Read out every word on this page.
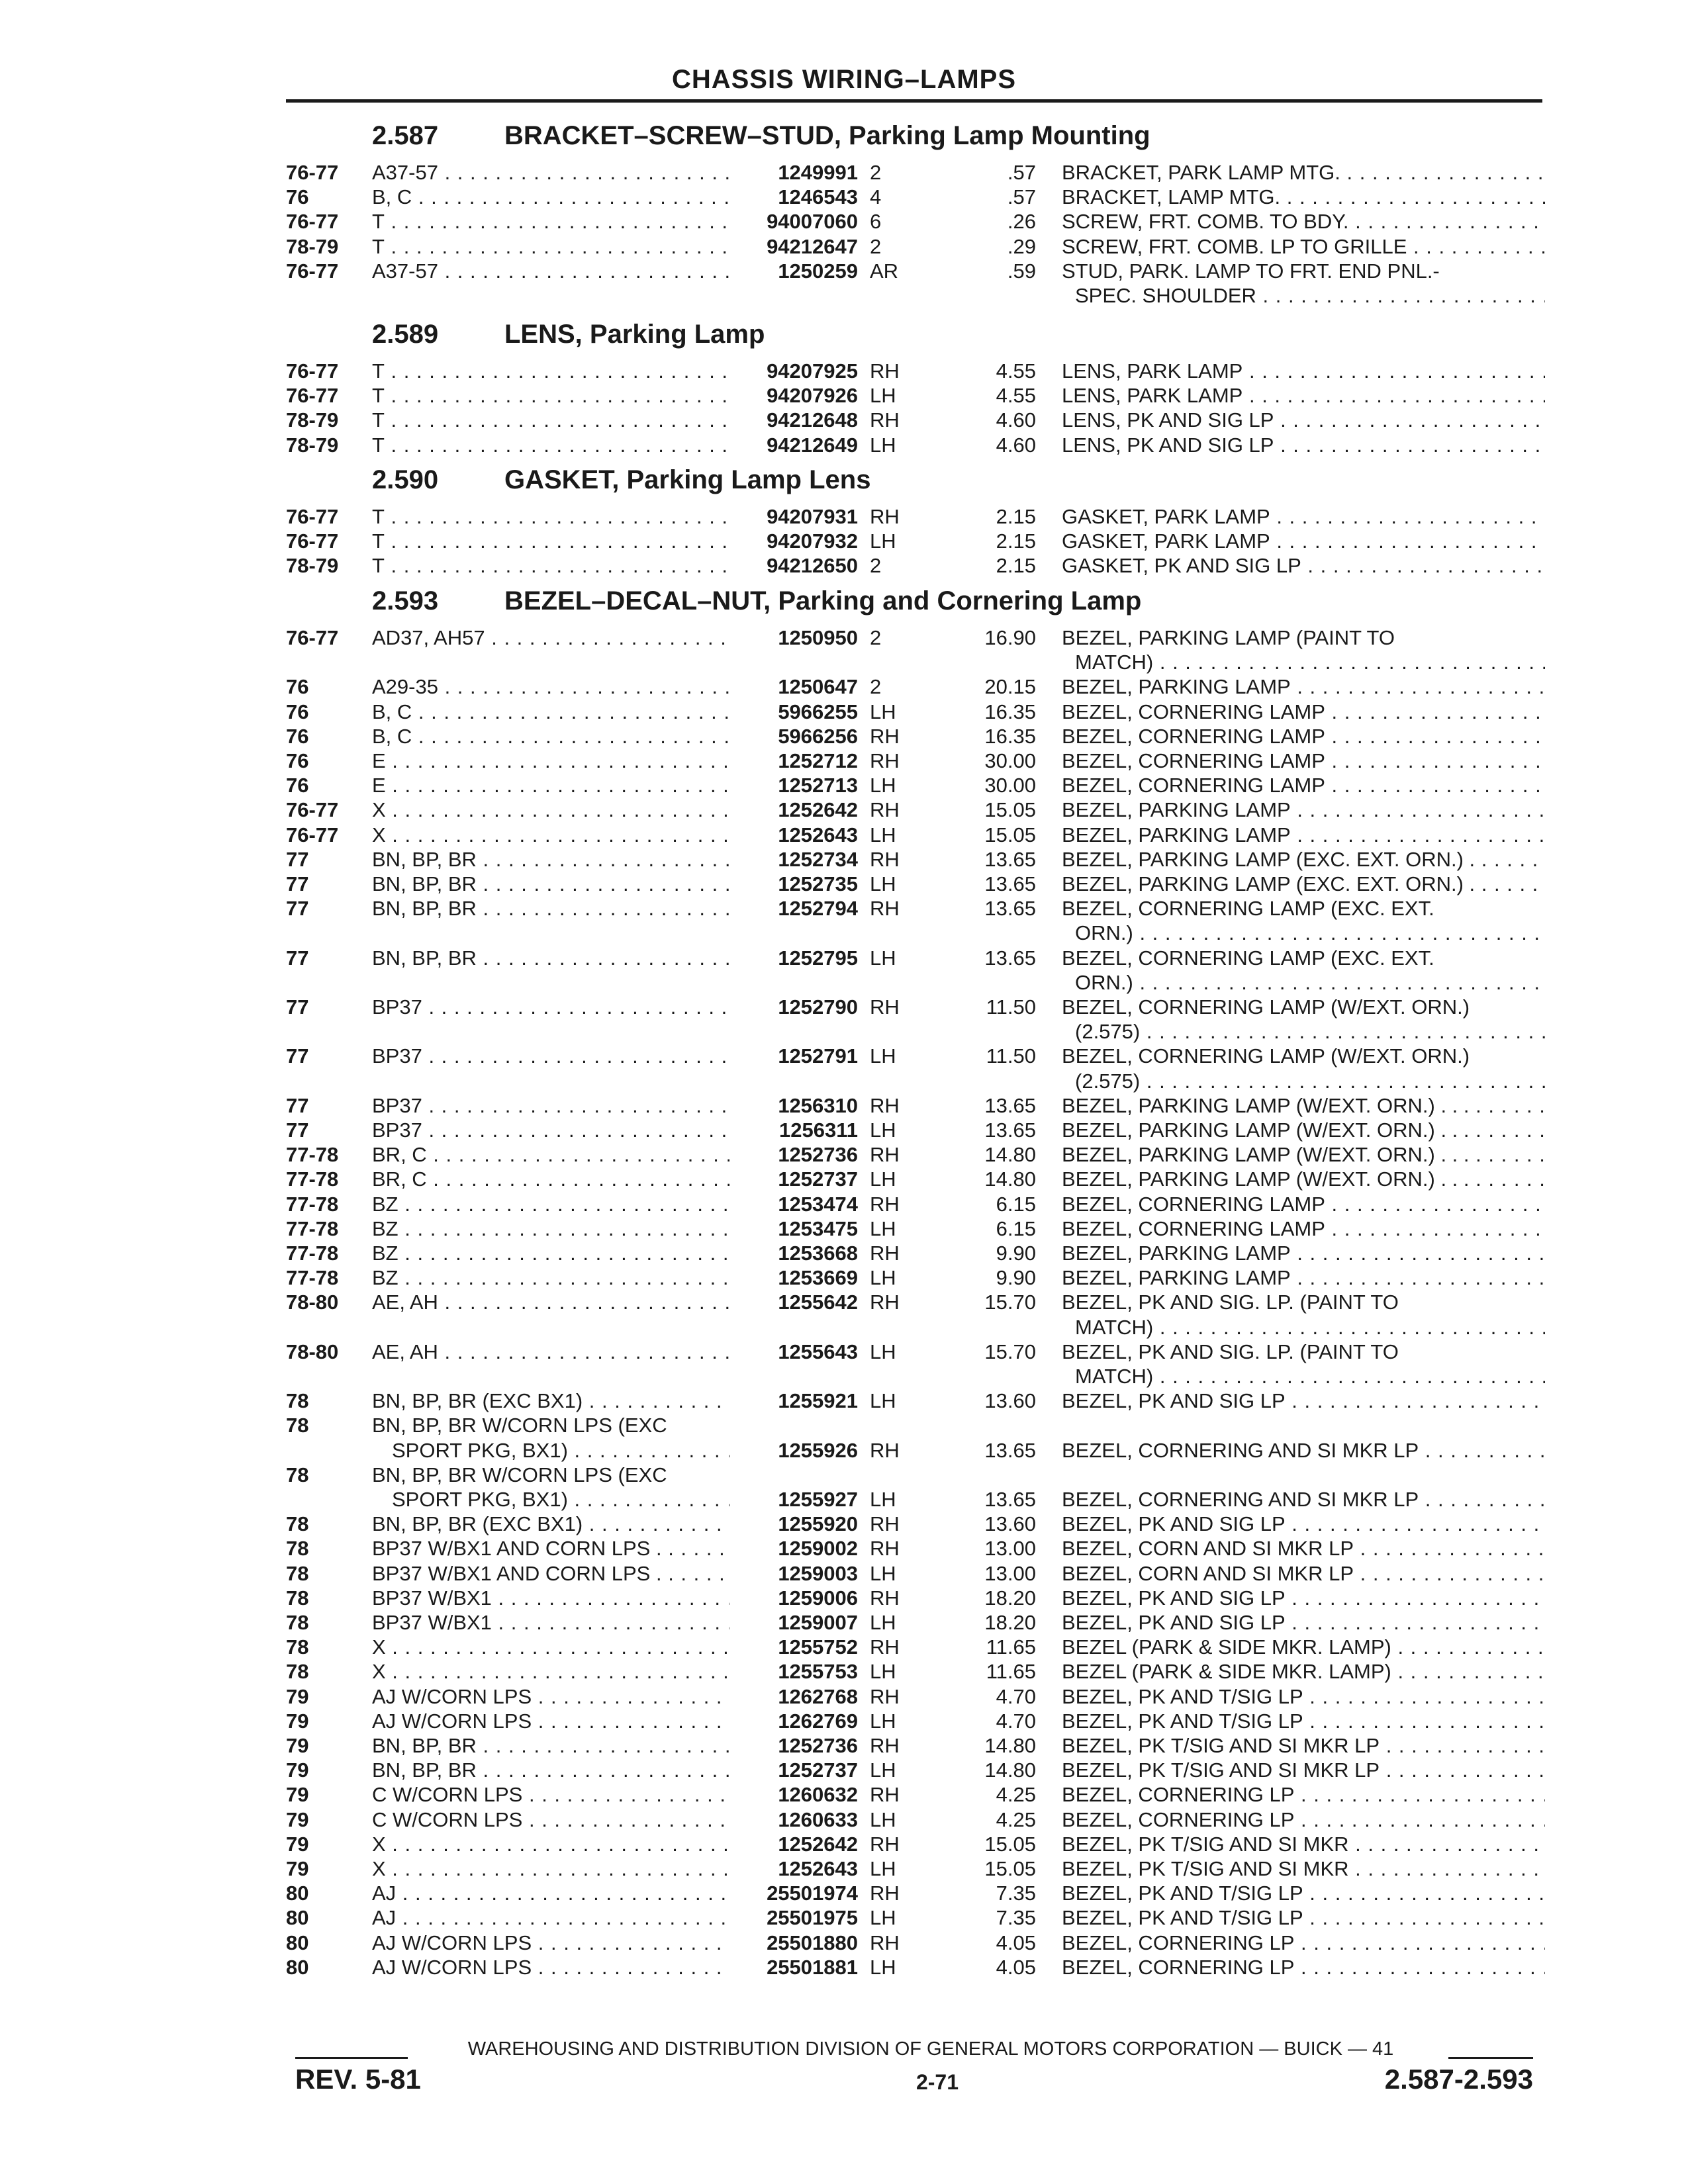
CHASSIS WIRING–LAMPS
2.587 BRACKET–SCREW–STUD, Parking Lamp Mounting
76-77	A37-57 . . .	1249991 2	.57 BRACKET, PARK LAMP MTG. . . .
76	B, C . . .	1246543 4	.57 BRACKET, LAMP MTG. . . .
76-77	T . . .	94007060 6	.26 SCREW, FRT. COMB. TO BDY. . . .
78-79	T . . .	94212647 2	.29 SCREW, FRT. COMB. LP TO GRILLE . . .
76-77	A37-57 . . .	1250259 AR	.59 STUD, PARK. LAMP TO FRT. END PNL.-
SPEC. SHOULDER . . .
2.589 LENS, Parking Lamp
76-77	T . . .	94207925 RH	4.55 LENS, PARK LAMP . . .
76-77	T . . .	94207926 LH	4.55 LENS, PARK LAMP . . .
78-79	T . . .	94212648 RH	4.60 LENS, PK AND SIG LP . . .
78-79	T . . .	94212649 LH	4.60 LENS, PK AND SIG LP . . .
2.590 GASKET, Parking Lamp Lens
76-77	T . . .	94207931 RH	2.15 GASKET, PARK LAMP . . .
76-77	T . . .	94207932 LH	2.15 GASKET, PARK LAMP . . .
78-79	T . . .	94212650 2	2.15 GASKET, PK AND SIG LP . . .
2.593 BEZEL–DECAL–NUT, Parking and Cornering Lamp
76-77	AD37, AH57 . . .	1250950 2	16.90 BEZEL, PARKING LAMP (PAINT TO
MATCH) . . .
76	A29-35 . . .	1250647 2	20.15 BEZEL, PARKING LAMP . . .
76	B, C . . .	5966255 LH	16.35 BEZEL, CORNERING LAMP . . .
76	B, C . . .	5966256 RH	16.35 BEZEL, CORNERING LAMP . . .
76	E . . .	1252712 RH	30.00 BEZEL, CORNERING LAMP . . .
76	E . . .	1252713 LH	30.00 BEZEL, CORNERING LAMP . . .
76-77	X . . .	1252642 RH	15.05 BEZEL, PARKING LAMP . . .
76-77	X . . .	1252643 LH	15.05 BEZEL, PARKING LAMP . . .
77	BN, BP, BR . . .	1252734 RH	13.65 BEZEL, PARKING LAMP (EXC. EXT. ORN.) . . . .
77	BN, BP, BR . . .	1252735 LH	13.65 BEZEL, PARKING LAMP (EXC. EXT. ORN.) . . . .
77	BN, BP, BR . . .	1252794 RH	13.65 BEZEL, CORNERING LAMP (EXC. EXT.
ORN.) . . .
77	BN, BP, BR . . .	1252795 LH	13.65 BEZEL, CORNERING LAMP (EXC. EXT.
ORN.) . . .
77	BP37 . . .	1252790 RH	11.50 BEZEL, CORNERING LAMP (W/EXT. ORN.)
(2.575) . . .
77	BP37 . . .	1252791 LH	11.50 BEZEL, CORNERING LAMP (W/EXT. ORN.)
(2.575) . . .
77	BP37 . . .	1256310 RH	13.65 BEZEL, PARKING LAMP (W/EXT. ORN.) . . . . . .
77	BP37 . . .	1256311 LH	13.65 BEZEL, PARKING LAMP (W/EXT. ORN.) . . . . . .
77-78	BR, C . . .	1252736 RH	14.80 BEZEL, PARKING LAMP (W/EXT. ORN.) . . . . . .
77-78	BR, C . . .	1252737 LH	14.80 BEZEL, PARKING LAMP (W/EXT. ORN.) . . . . . .
77-78	BZ . . .	1253474 RH	6.15 BEZEL, CORNERING LAMP . . .
77-78	BZ . . .	1253475 LH	6.15 BEZEL, CORNERING LAMP . . .
77-78	BZ . . .	1253668 RH	9.90 BEZEL, PARKING LAMP . . .
77-78	BZ . . .	1253669 LH	9.90 BEZEL, PARKING LAMP . . .
78-80	AE, AH . . .	1255642 RH	15.70 BEZEL, PK AND SIG. LP. (PAINT TO
MATCH) . . .
78-80	AE, AH . . .	1255643 LH	15.70 BEZEL, PK AND SIG. LP. (PAINT TO
MATCH) . . .
78	BN, BP, BR (EXC BX1) . . .	1255921 LH	13.60 BEZEL, PK AND SIG LP . . .
78	BN, BP, BR W/CORN LPS (EXC
SPORT PKG, BX1) . . .	1255926 RH	13.65 BEZEL, CORNERING AND SI MKR LP . . .
78	BN, BP, BR W/CORN LPS (EXC
SPORT PKG, BX1) . . .	1255927 LH	13.65 BEZEL, CORNERING AND SI MKR LP . . .
78	BN, BP, BR (EXC BX1) . . .	1255920 RH	13.60 BEZEL, PK AND SIG LP . . .
78	BP37 W/BX1 AND CORN LPS . . . .	1259002 RH	13.00 BEZEL, CORN AND SI MKR LP . . .
78	BP37 W/BX1 AND CORN LPS . . . .	1259003 LH	13.00 BEZEL, CORN AND SI MKR LP . . .
78	BP37 W/BX1 . . .	1259006 RH	18.20 BEZEL, PK AND SIG LP . . .
78	BP37 W/BX1 . . .	1259007 LH	18.20 BEZEL, PK AND SIG LP . . .
78	X . . .	1255752 RH	11.65 BEZEL (PARK & SIDE MKR. LAMP) . . .
78	X . . .	1255753 LH	11.65 BEZEL (PARK & SIDE MKR. LAMP) . . .
79	AJ W/CORN LPS . . .	1262768 RH	4.70 BEZEL, PK AND T/SIG LP . . .
79	AJ W/CORN LPS . . .	1262769 LH	4.70 BEZEL, PK AND T/SIG LP . . .
79	BN, BP, BR . . .	1252736 RH	14.80 BEZEL, PK T/SIG AND SI MKR LP . . .
79	BN, BP, BR . . .	1252737 LH	14.80 BEZEL, PK T/SIG AND SI MKR LP . . .
79	C W/CORN LPS . . .	1260632 RH	4.25 BEZEL, CORNERING LP . . .
79	C W/CORN LPS . . .	1260633 LH	4.25 BEZEL, CORNERING LP . . .
79	X . . .	1252642 RH	15.05 BEZEL, PK T/SIG AND SI MKR . . .
79	X . . .	1252643 LH	15.05 BEZEL, PK T/SIG AND SI MKR . . .
80	AJ . . .	25501974 RH	7.35 BEZEL, PK AND T/SIG LP . . .
80	AJ . . .	25501975 LH	7.35 BEZEL, PK AND T/SIG LP . . .
80	AJ W/CORN LPS . . .	25501880 RH	4.05 BEZEL, CORNERING LP . . .
80	AJ W/CORN LPS . . .	25501881 LH	4.05 BEZEL, CORNERING LP . . .
WAREHOUSING AND DISTRIBUTION DIVISION OF GENERAL MOTORS CORPORATION — BUICK — 41
REV. 5-81	2-71	2.587-2.593
